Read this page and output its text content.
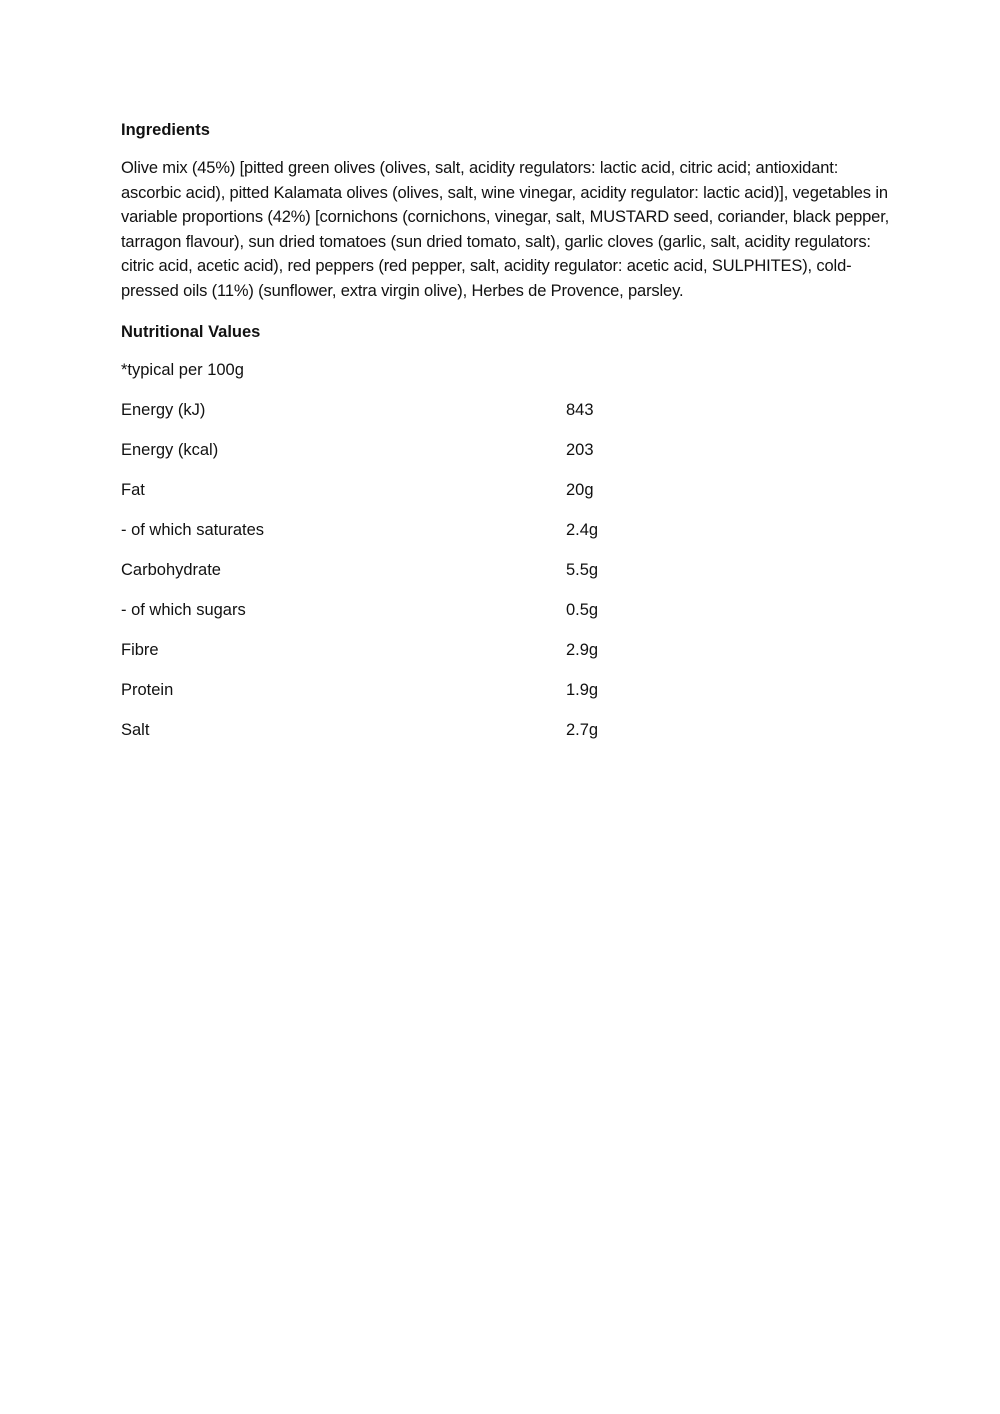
Ingredients

Olive mix (45%) [pitted green olives (olives, salt, acidity regulators: lactic acid, citric acid; antioxidant: ascorbic acid), pitted Kalamata olives (olives, salt, wine vinegar, acidity regulator: lactic acid)], vegetables in variable proportions (42%) [cornichons (cornichons, vinegar, salt, MUSTARD seed, coriander, black pepper, tarragon flavour), sun dried tomatoes (sun dried tomato, salt), garlic cloves (garlic, salt, acidity regulators: citric acid, acetic acid), red peppers (red pepper, salt, acidity regulator: acetic acid, SULPHITES), cold-pressed oils (11%) (sunflower, extra virgin olive), Herbes de Provence, parsley.

Nutritional Values

*typical per 100g

Energy (kJ)	843
Energy (kcal)	203
Fat	20g
- of which saturates	2.4g
Carbohydrate	5.5g
- of which sugars	0.5g
Fibre	2.9g
Protein	1.9g
Salt	2.7g
